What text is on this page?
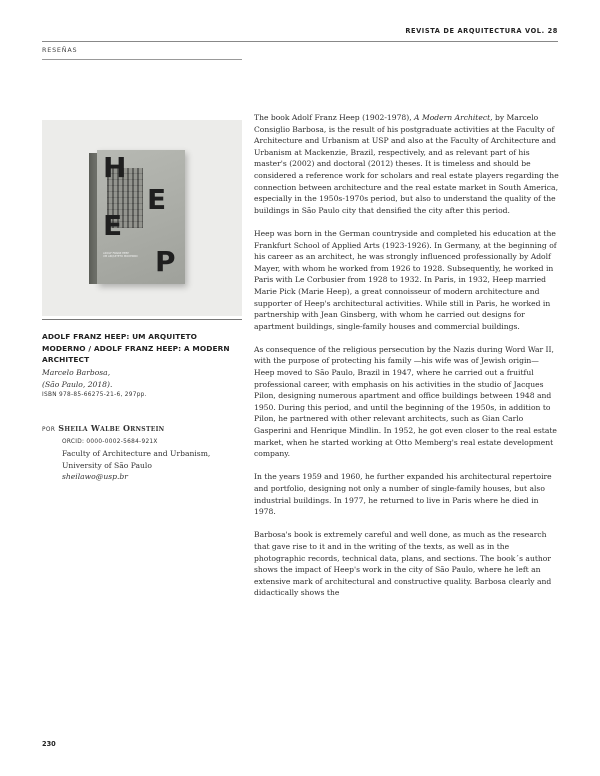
REVISTA DE ARQUITECTURA VOL. 28
RESEÑAS
H
E
E
P
ADOLF FRANZ HEEP
UM ARQUITETO MODERNO
ADOLF FRANZ HEEP: UM ARQUITETO MODERNO / ADOLF FRANZ HEEP: A MODERN ARCHITECT
Marcelo Barbosa,
(São Paulo, 2018).
ISBN 978-85-66275-21-6, 297pp.
POR Sheila Walbe Ornstein
ORCID: 0000-0002-5684-921X
Faculty of Architecture and Urbanism,
University of São Paulo
sheilawo@usp.br

The book Adolf Franz Heep (1902-1978), A Modern Architect, by Marcelo Consiglio Barbosa, is the result of his postgraduate activities at the Faculty of Architecture and Urbanism at USP and also at the Faculty of Architecture and Urbanism at Mackenzie, Brazil, respectively, and as relevant part of his master's (2002) and doctoral (2012) theses. It is timeless and should be considered a reference work for scholars and real estate players regarding the connection between architecture and the real estate market in South America, especially in the 1950s-1970s period, but also to understand the quality of the buildings in São Paulo city that densified the city after this period.

Heep was born in the German countryside and completed his education at the Frankfurt School of Applied Arts (1923-1926). In Germany, at the beginning of his career as an architect, he was strongly influenced professionally by Adolf Mayer, with whom he worked from 1926 to 1928. Subsequently, he worked in Paris with Le Corbusier from 1928 to 1932. In Paris, in 1932, Heep married Marie Pick (Marie Heep), a great connoisseur of modern architecture and supporter of Heep's architectural activities. While still in Paris, he worked in partnership with Jean Ginsberg, with whom he carried out designs for apartment buildings, single-family houses and commercial buildings.

As consequence of the religious persecution by the Nazis during Word War II, with the purpose of protecting his family —his wife was of Jewish origin— Heep moved to São Paulo, Brazil in 1947, where he carried out a fruitful professional career, with emphasis on his activities in the studio of Jacques Pilon, designing numerous apartment and office buildings between 1948 and 1950. During this period, and until the beginning of the 1950s, in addition to Pilon, he partnered with other relevant architects, such as Gian Carlo Gasperini and Henrique Mindlin. In 1952, he got even closer to the real estate market, when he started working at Otto Memberg's real estate development company.

In the years 1959 and 1960, he further expanded his architectural repertoire and portfolio, designing not only a number of single-family houses, but also industrial buildings. In 1977, he returned to live in Paris where he died in 1978.

Barbosa's book is extremely careful and well done, as much as the research that gave rise to it and in the writing of the texts, as well as in the photographic records, technical data, plans, and sections. The book´s author shows the impact of Heep's work in the city of São Paulo, where he left an extensive mark of architectural and constructive quality. Barbosa clearly and didactically shows the

230
